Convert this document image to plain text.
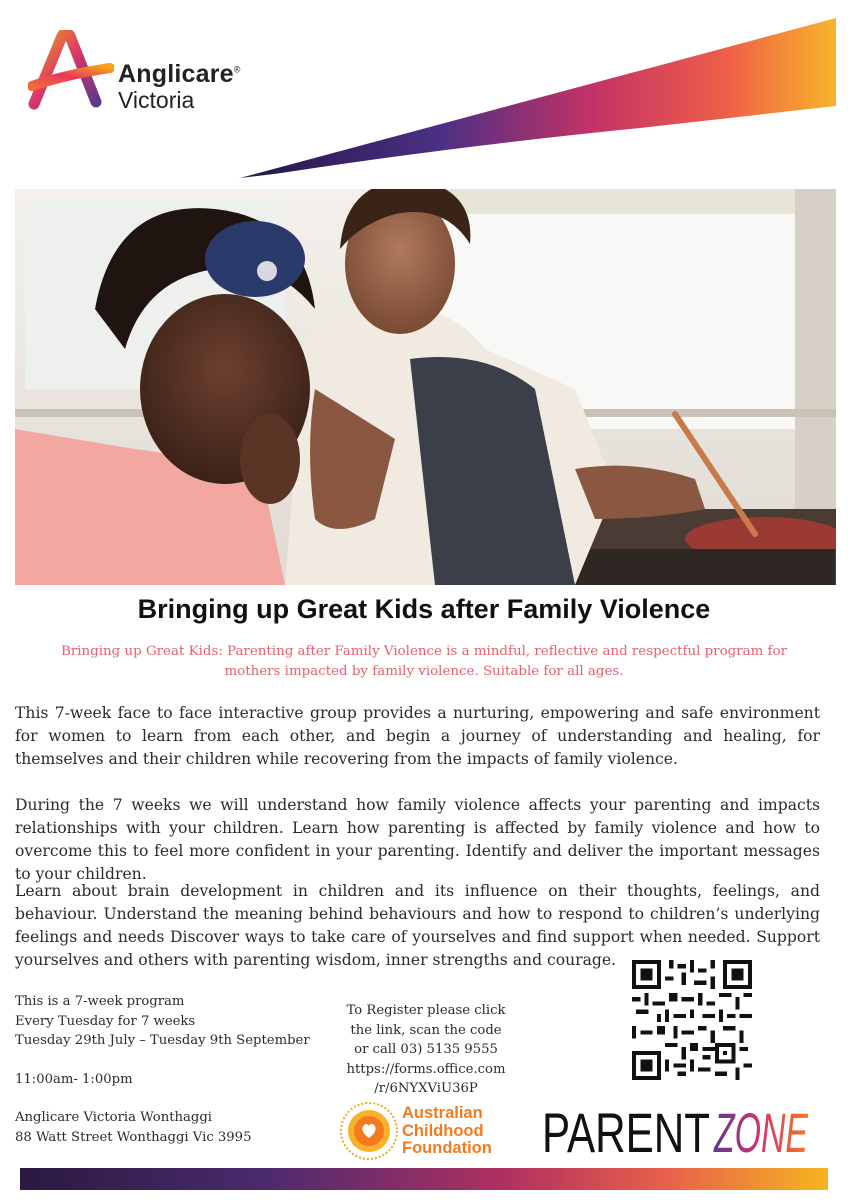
Anglicare®
Victoria
Bringing up Great Kids after Family Violence
Bringing up Great Kids: Parenting after Family Violence is a mindful, reflective and respectful program for mothers impacted by family violence. Suitable for all ages.

This 7-week face to face interactive group provides a nurturing, empowering and safe environment for women to learn from each other, and begin a journey of understanding and healing, for themselves and their children while recovering from the impacts of family violence.

During the 7 weeks we will understand how family violence affects your parenting and impacts relationships with your children. Learn how parenting is affected by family violence and how to overcome this to feel more confident in your parenting. Identify and deliver the important messages to your children.

Learn about brain development in children and its influence on their thoughts, feelings, and behaviour. Understand the meaning behind behaviours and how to respond to children’s underlying feelings and needs Discover ways to take care of yourselves and find support when needed. Support yourselves and others with parenting wisdom, inner strengths and courage.

This is a 7-week program
Every Tuesday for 7 weeks
Tuesday 29th July – Tuesday 9th September
11:00am- 1:00pm
Anglicare Victoria Wonthaggi
88 Watt Street Wonthaggi Vic 3995
To Register please click
the link, scan the code
or call 03) 5135 9555
https://forms.office.com
/r/6NYXViU36P
Australian
Childhood
Foundation PARENT ZONE
